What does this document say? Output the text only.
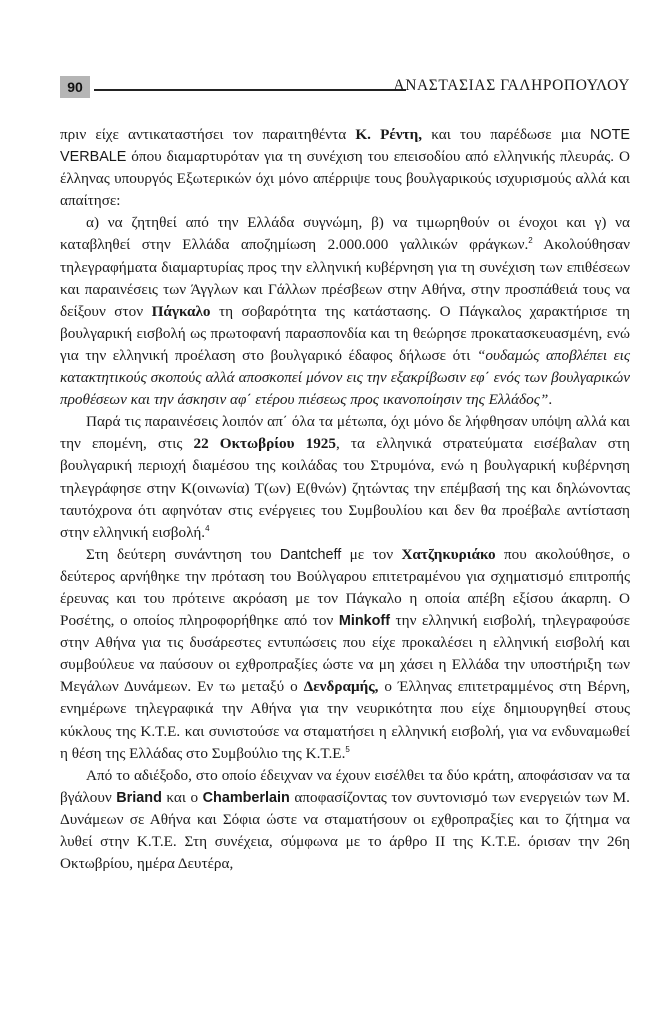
90	ΑΝΑΣΤΑΣΙΑΣ ΓΑΛΗΡΟΠΟΥΛΟΥ

πριν είχε αντικαταστήσει τον παραιτηθέντα Κ. Ρέντη, και του παρέδωσε μια NOTE VERBALE όπου διαμαρτυρόταν για τη συνέχιση του επεισοδίου από ελληνικής πλευράς. Ο έλληνας υπουργός Εξωτερικών όχι μόνο απέρριψε τους βουλγαρικούς ισχυρισμούς αλλά και απαίτησε:

α) να ζητηθεί από την Ελλάδα συγνώμη, β) να τιμωρηθούν οι ένοχοι και γ) να καταβληθεί στην Ελλάδα αποζημίωση 2.000.000 γαλλικών φράγκων.$^2$ Ακολούθησαν τηλεγραφήματα διαμαρτυρίας προς την ελληνική κυβέρνηση για τη συνέχιση των επιθέσεων και παραινέσεις των Άγγλων και Γάλλων πρέσβεων στην Αθήνα, στην προσπάθειά τους να δείξουν στον Πάγκαλο τη σοβαρότητα της κατάστασης. Ο Πάγκαλος χαρακτήρισε τη βουλγαρική εισβολή ως πρωτοφανή παρασπονδία και τη θεώρησε προκατασκευασμένη, ενώ για την ελληνική προέλαση στο βουλγαρικό έδαφος δήλωσε ότι “ουδαμώς αποβλέπει εις κατακτητικούς σκοπούς αλλά αποσκοπεί μόνον εις την εξακρίβωσιν εφ΄ ενός των βουλγαρικών προθέσεων και την άσκησιν αφ΄ ετέρου πιέσεως προς ικανοποίησιν της Ελλάδος”.

Παρά τις παραινέσεις λοιπόν απ΄ όλα τα μέτωπα, όχι μόνο δε λήφθησαν υπόψη αλλά και την επομένη, στις 22 Οκτωβρίου 1925, τα ελληνικά στρατεύματα εισέβαλαν στη βουλγαρική περιοχή διαμέσου της κοιλάδας του Στρυμόνα, ενώ η βουλγαρική κυβέρνηση τηλεγράφησε στην Κ(οινωνία) Τ(ων) Ε(θνών) ζητώντας την επέμβασή της και δηλώνοντας ταυτόχρονα ότι αφηνόταν στις ενέργειες του Συμβουλίου και δεν θα προέβαλε αντίσταση στην ελληνική εισβολή.$^4$

Στη δεύτερη συνάντηση του Dantcheff με τον Χατζηκυριάκο που ακολούθησε, ο δεύτερος αρνήθηκε την πρόταση του Βούλγαρου επιτετραμένου για σχηματισμό επιτροπής έρευνας και του πρότεινε ακρόαση με τον Πάγκαλο η οποία απέβη εξίσου άκαρπη. Ο Ροσέτης, ο οποίος πληροφορήθηκε από τον Minkoff την ελληνική εισβολή, τηλεγραφούσε στην Αθήνα για τις δυσάρεστες εντυπώσεις που είχε προκαλέσει η ελληνική εισβολή και συμβούλευε να παύσουν οι εχθροπραξίες ώστε να μη χάσει η Ελλάδα την υποστήριξη των Μεγάλων Δυνάμεων. Εν τω μεταξύ ο Δενδραμής, ο Έλληνας επιτετραμμένος στη Βέρνη, ενημέρωνε τηλεγραφικά την Αθήνα για την νευρικότητα που είχε δημιουργηθεί στους κύκλους της Κ.Τ.Ε. και συνιστούσε να σταματήσει η ελληνική εισβολή, για να ενδυναμωθεί η θέση της Ελλάδας στο Συμβούλιο της Κ.Τ.Ε.$^5$

Από το αδιέξοδο, στο οποίο έδειχναν να έχουν εισέλθει τα δύο κράτη, αποφάσισαν να τα βγάλουν Briand και ο Chamberlain αποφασίζοντας τον συντονισμό των ενεργειών των Μ. Δυνάμεων σε Αθήνα και Σόφια ώστε να σταματήσουν οι εχθροπραξίες και το ζήτημα να λυθεί στην Κ.Τ.Ε. Στη συνέχεια, σύμφωνα με το άρθρο ΙΙ της Κ.Τ.Ε. όρισαν την 26η Οκτωβρίου, ημέρα Δευτέρα,
